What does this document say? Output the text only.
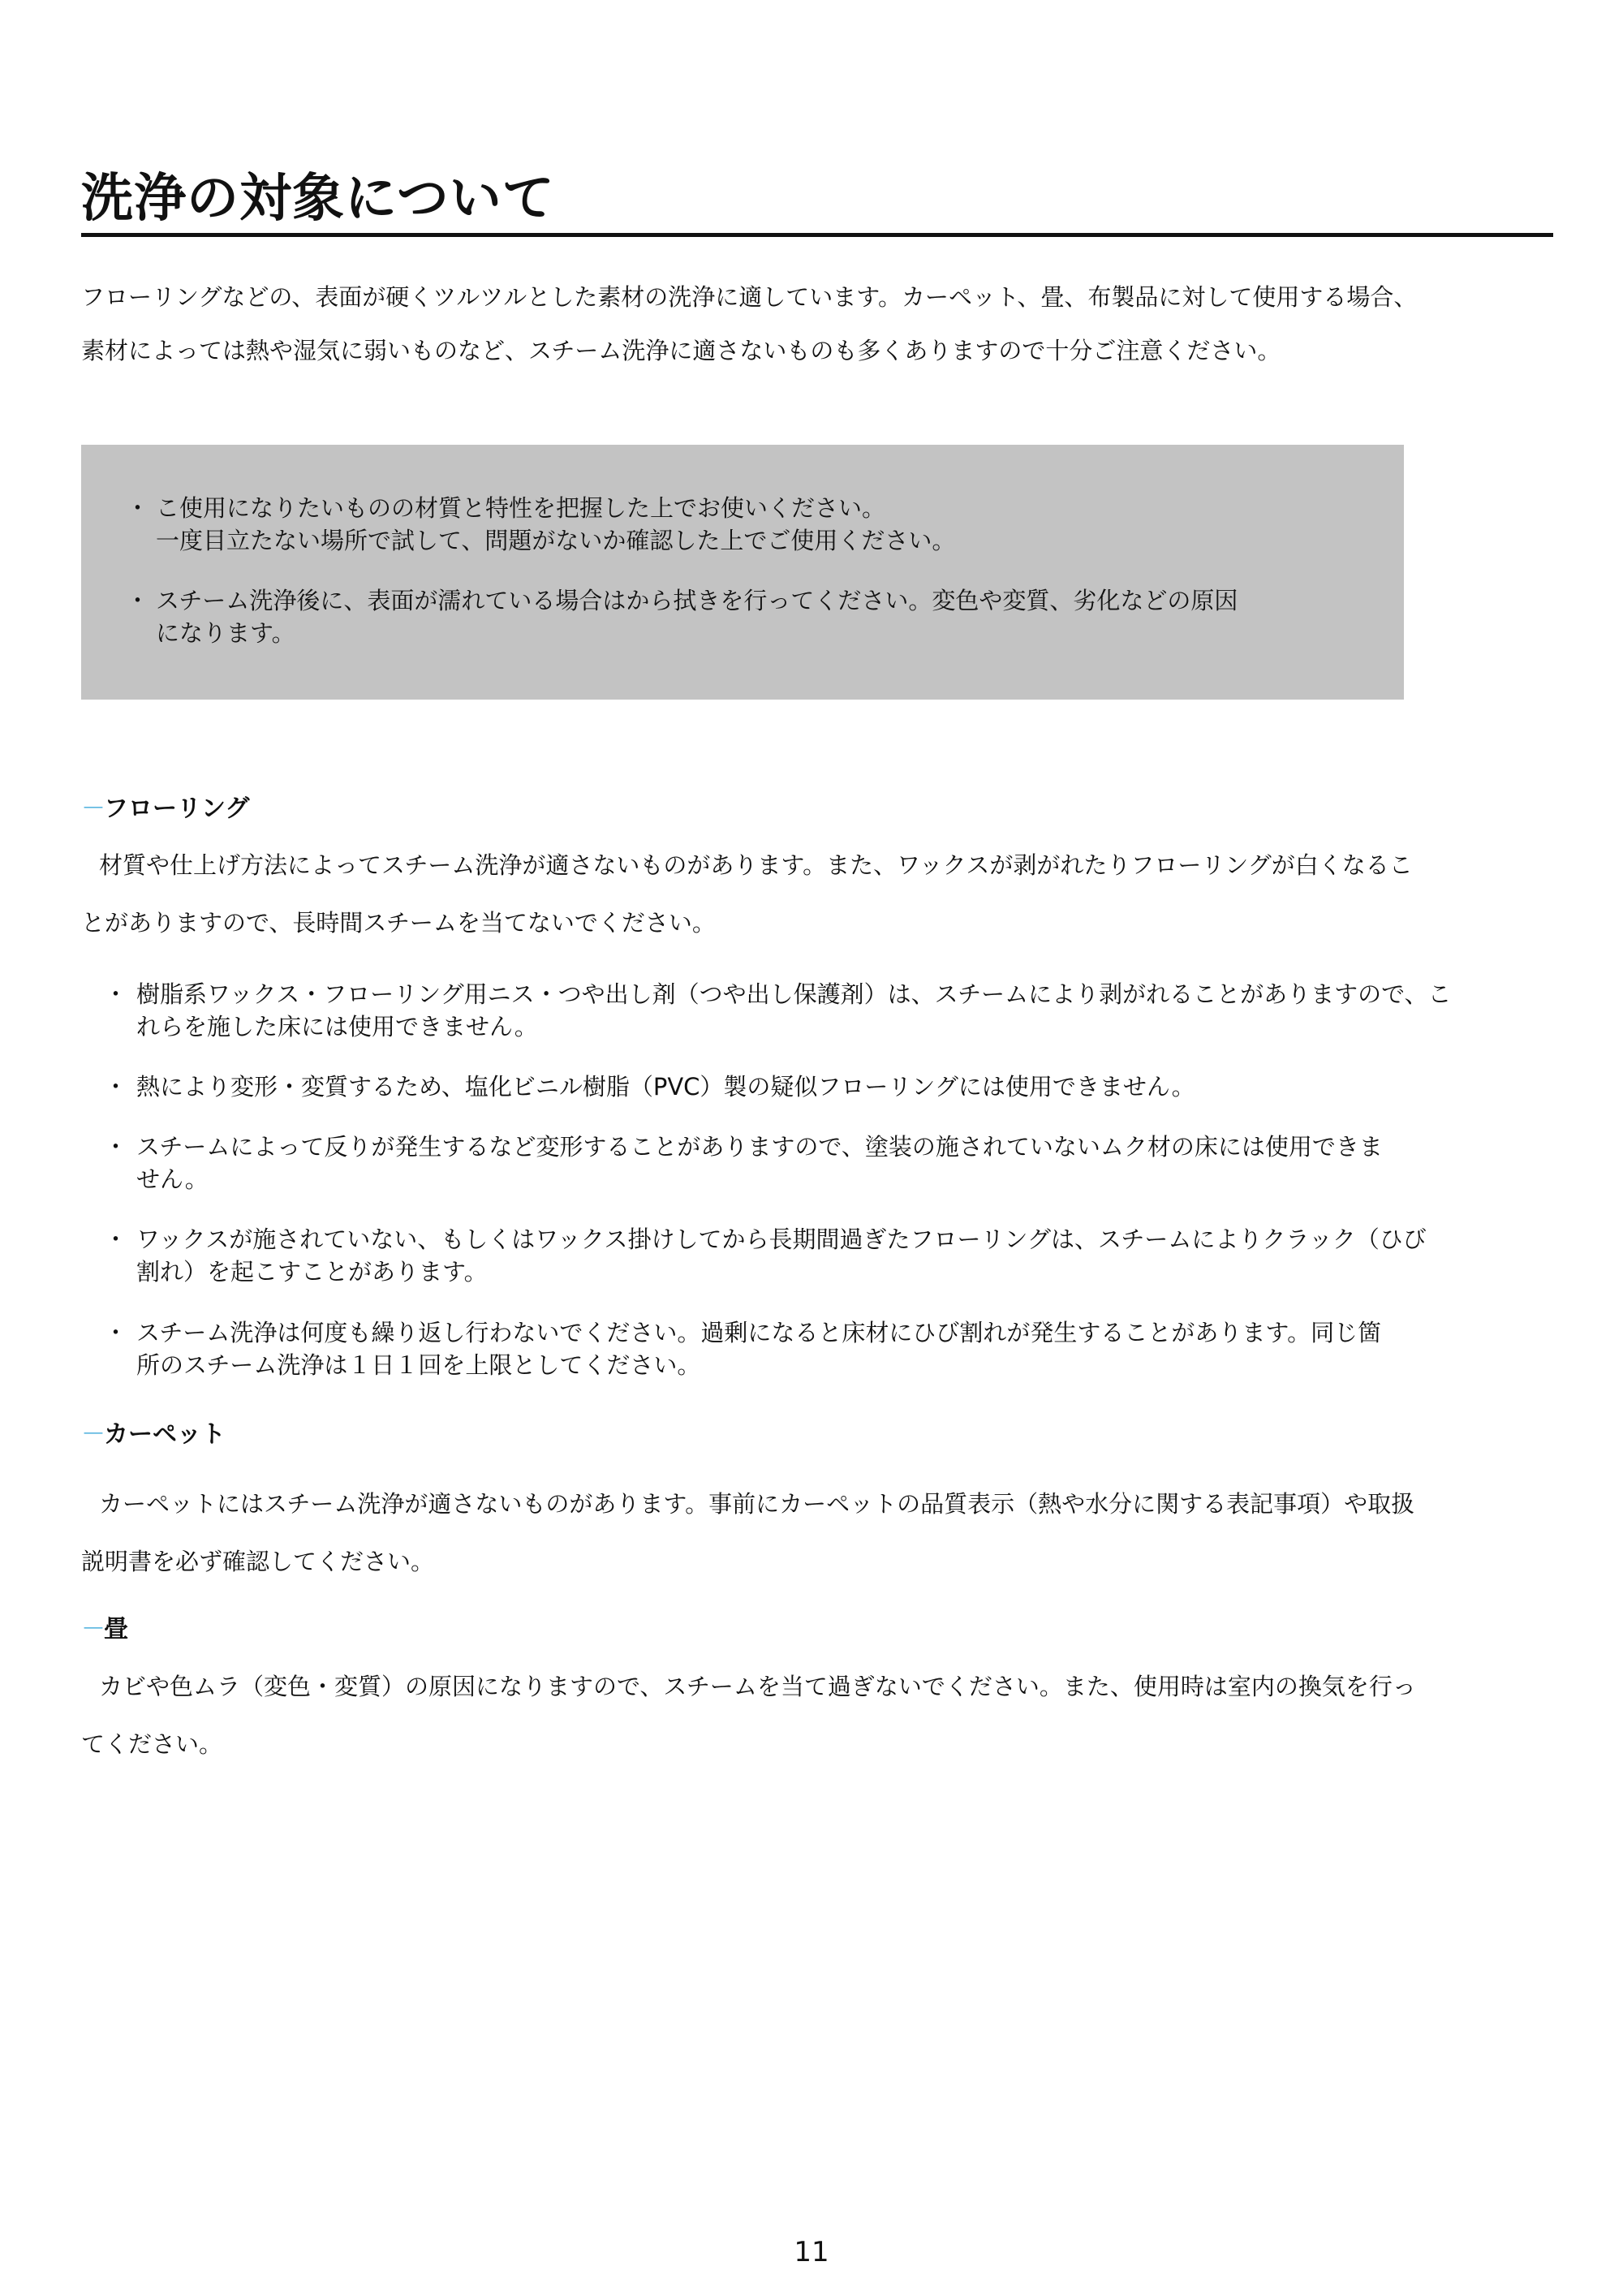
洗浄の対象について
フローリングなどの、表面が硬くツルツルとした素材の洗浄に適しています。カーペット、畳、布製品に対して使用する場合、
素材によっては熱や湿気に弱いものなど、スチーム洗浄に適さないものも多くありますので十分ご注意ください。
・ こ使用になりたいものの材質と特性を把握した上でお使いください。
一度目立たない場所で試して、問題がないか確認した上でご使用ください。
・ スチーム洗浄後に、表面が濡れている場合はから拭きを行ってください。変色や変質、劣化などの原因
になります。
－フローリング
材質や仕上げ方法によってスチーム洗浄が適さないものがあります。また、ワックスが剥がれたりフローリングが白くなるこ
とがありますので、長時間スチームを当てないでください。
・ 樹脂系ワックス・フローリング用ニス・つや出し剤（つや出し保護剤）は、スチームにより剥がれることがありますので、こ
れらを施した床には使用できません。
・ 熱により変形・変質するため、塩化ビニル樹脂（PVC）製の疑似フローリングには使用できません。
・ スチームによって反りが発生するなど変形することがありますので、塗装の施されていないムク材の床には使用できま
せん。
・ ワックスが施されていない、もしくはワックス掛けしてから長期間過ぎたフローリングは、スチームによりクラック（ひび
割れ）を起こすことがあります。
・ スチーム洗浄は何度も繰り返し行わないでください。過剰になると床材にひび割れが発生することがあります。同じ箇
所のスチーム洗浄は１日１回を上限としてください。
－カーペット
カーペットにはスチーム洗浄が適さないものがあります。事前にカーペットの品質表示（熱や水分に関する表記事項）や取扱
説明書を必ず確認してください。
－畳
カビや色ムラ（変色・変質）の原因になりますので、スチームを当て過ぎないでください。また、使用時は室内の換気を行っ
てください。
11
